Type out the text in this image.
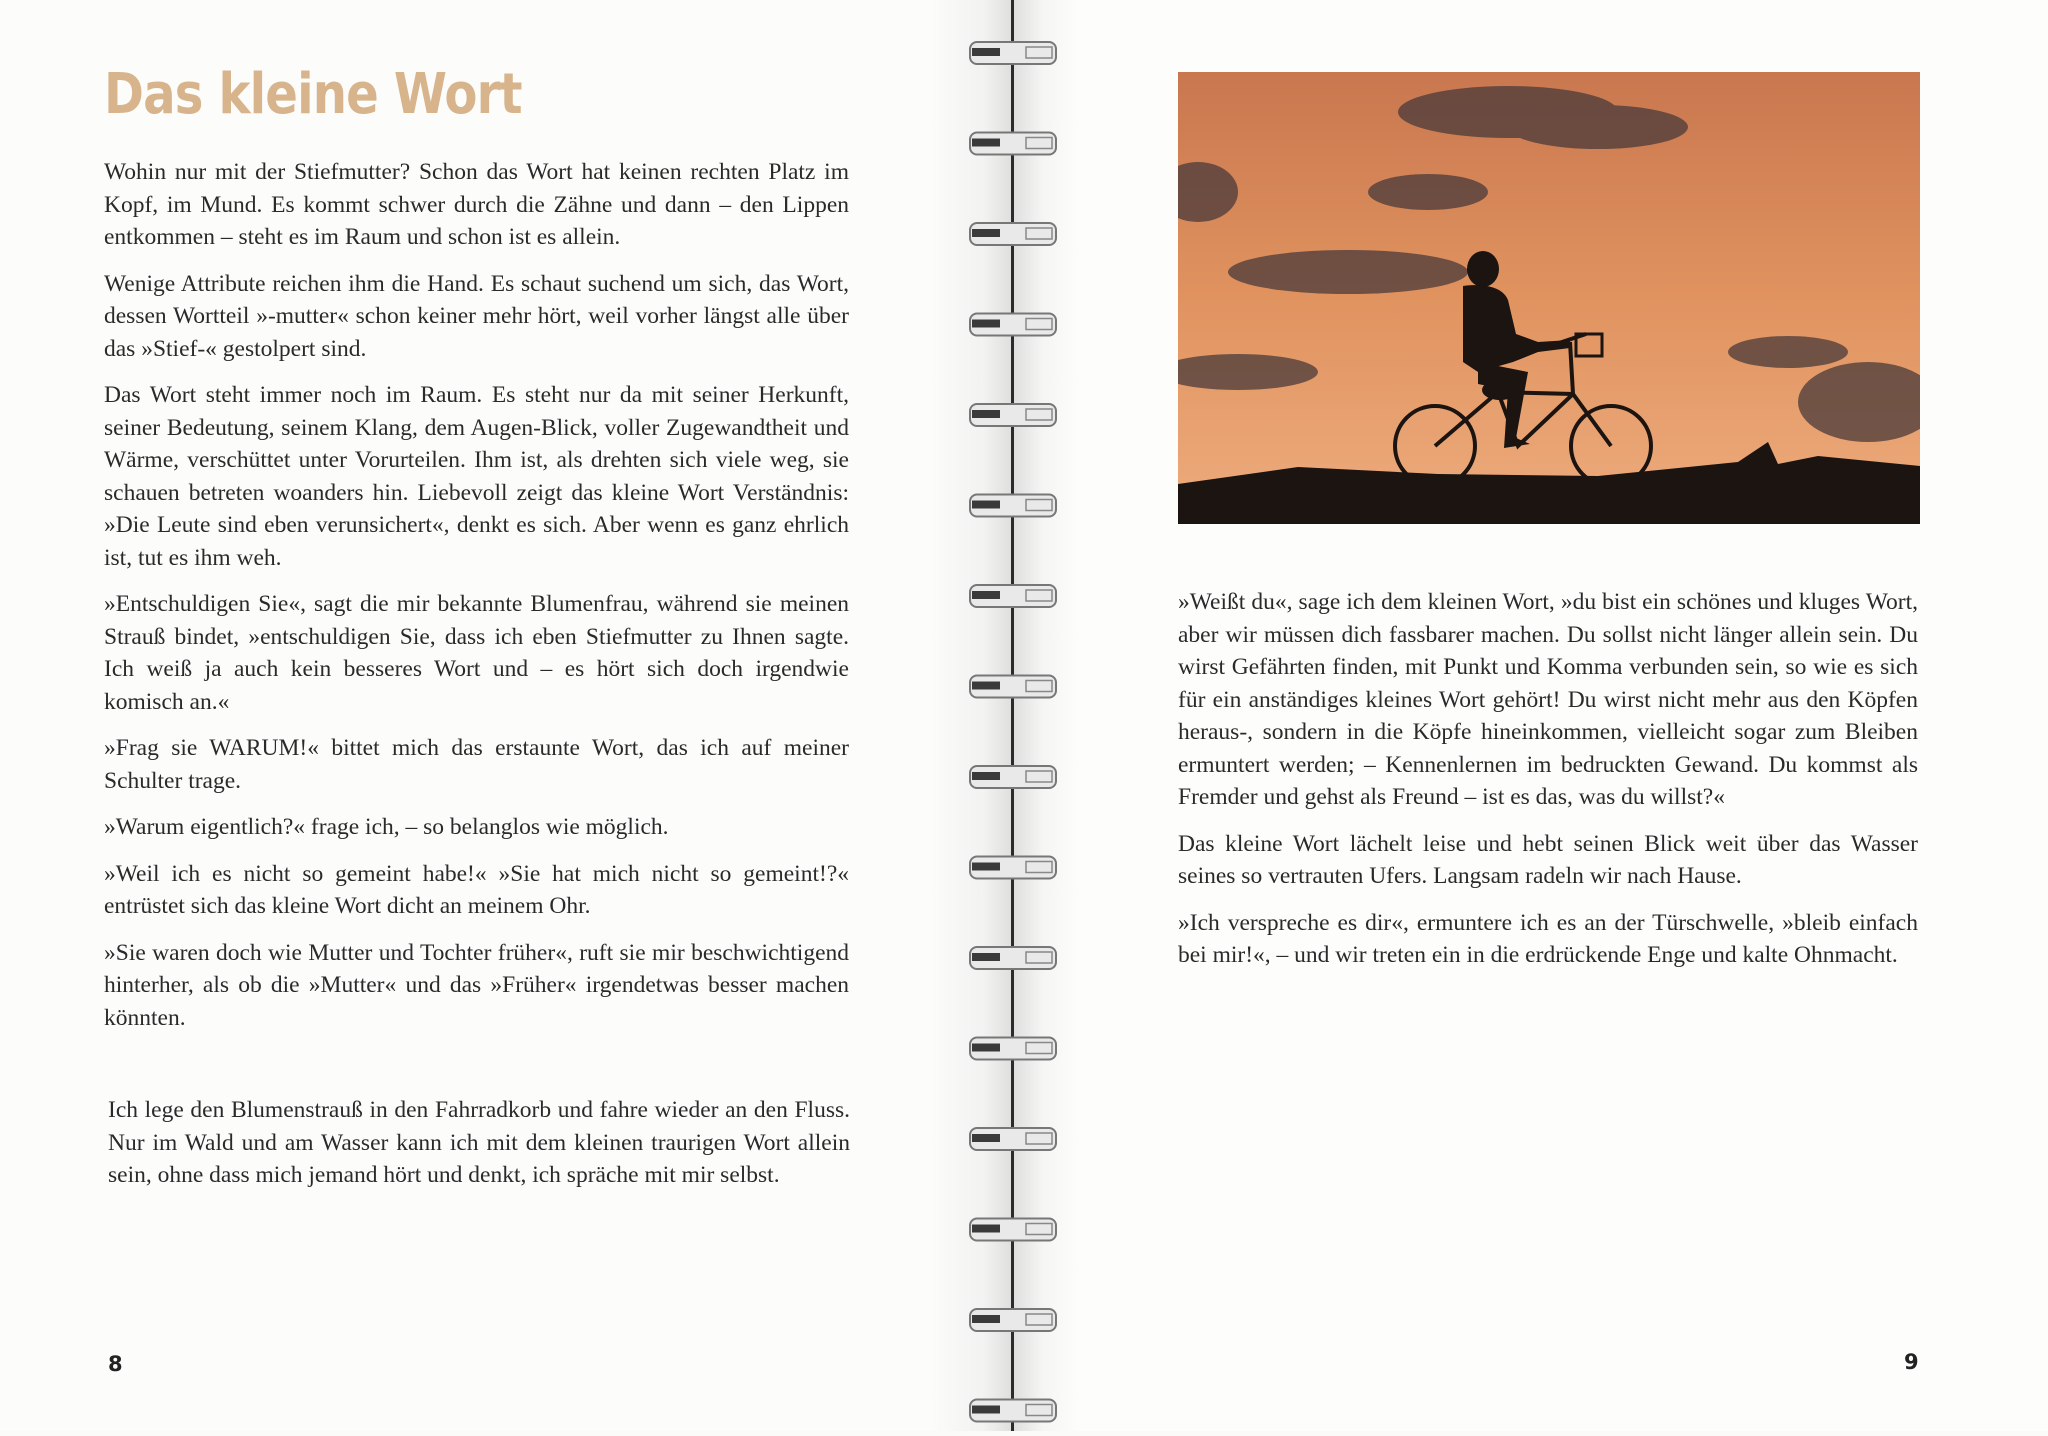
Das kleine Wort

Wohin nur mit der Stiefmutter? Schon das Wort hat keinen rechten Platz im Kopf, im Mund. Es kommt schwer durch die Zähne und dann – den Lippen entkommen – steht es im Raum und schon ist es allein.

Wenige Attribute reichen ihm die Hand. Es schaut suchend um sich, das Wort, dessen Wortteil »-mutter« schon keiner mehr hört, weil vorher längst alle über das »Stief-« gestolpert sind.

Das Wort steht immer noch im Raum. Es steht nur da mit seiner Herkunft, seiner Bedeutung, seinem Klang, dem Augen-Blick, voller Zugewandtheit und Wärme, verschüttet unter Vorurteilen. Ihm ist, als drehten sich viele weg, sie schauen betreten woanders hin. Liebevoll zeigt das kleine Wort Verständnis: »Die Leute sind eben verunsichert«, denkt es sich. Aber wenn es ganz ehrlich ist, tut es ihm weh.

»Entschuldigen Sie«, sagt die mir bekannte Blumenfrau, während sie meinen Strauß bindet, »entschuldigen Sie, dass ich eben Stiefmutter zu Ihnen sagte. Ich weiß ja auch kein besseres Wort und – es hört sich doch irgendwie komisch an.«

»Frag sie WARUM!« bittet mich das erstaunte Wort, das ich auf meiner Schulter trage.

»Warum eigentlich?« frage ich, – so belanglos wie möglich.

»Weil ich es nicht so gemeint habe!« »Sie hat mich nicht so gemeint!?« entrüstet sich das kleine Wort dicht an meinem Ohr.

»Sie waren doch wie Mutter und Tochter früher«, ruft sie mir beschwichtigend hinterher, als ob die »Mutter« und das »Früher« irgendetwas besser machen könnten.

Ich lege den Blumenstrauß in den Fahrradkorb und fahre wieder an den Fluss. Nur im Wald und am Wasser kann ich mit dem kleinen traurigen Wort allein sein, ohne dass mich jemand hört und denkt, ich spräche mit mir selbst.

8

»Weißt du«, sage ich dem kleinen Wort, »du bist ein schönes und kluges Wort, aber wir müssen dich fassbarer machen. Du sollst nicht länger allein sein. Du wirst Gefährten finden, mit Punkt und Komma verbunden sein, so wie es sich für ein anständiges kleines Wort gehört! Du wirst nicht mehr aus den Köpfen heraus-, sondern in die Köpfe hineinkommen, vielleicht sogar zum Bleiben ermuntert werden; – Kennenlernen im bedruckten Gewand. Du kommst als Fremder und gehst als Freund – ist es das, was du willst?«

Das kleine Wort lächelt leise und hebt seinen Blick weit über das Wasser seines so vertrauten Ufers. Langsam radeln wir nach Hause.

»Ich verspreche es dir«, ermuntere ich es an der Türschwelle, »bleib einfach bei mir!«, – und wir treten ein in die erdrückende Enge und kalte Ohnmacht.

9
